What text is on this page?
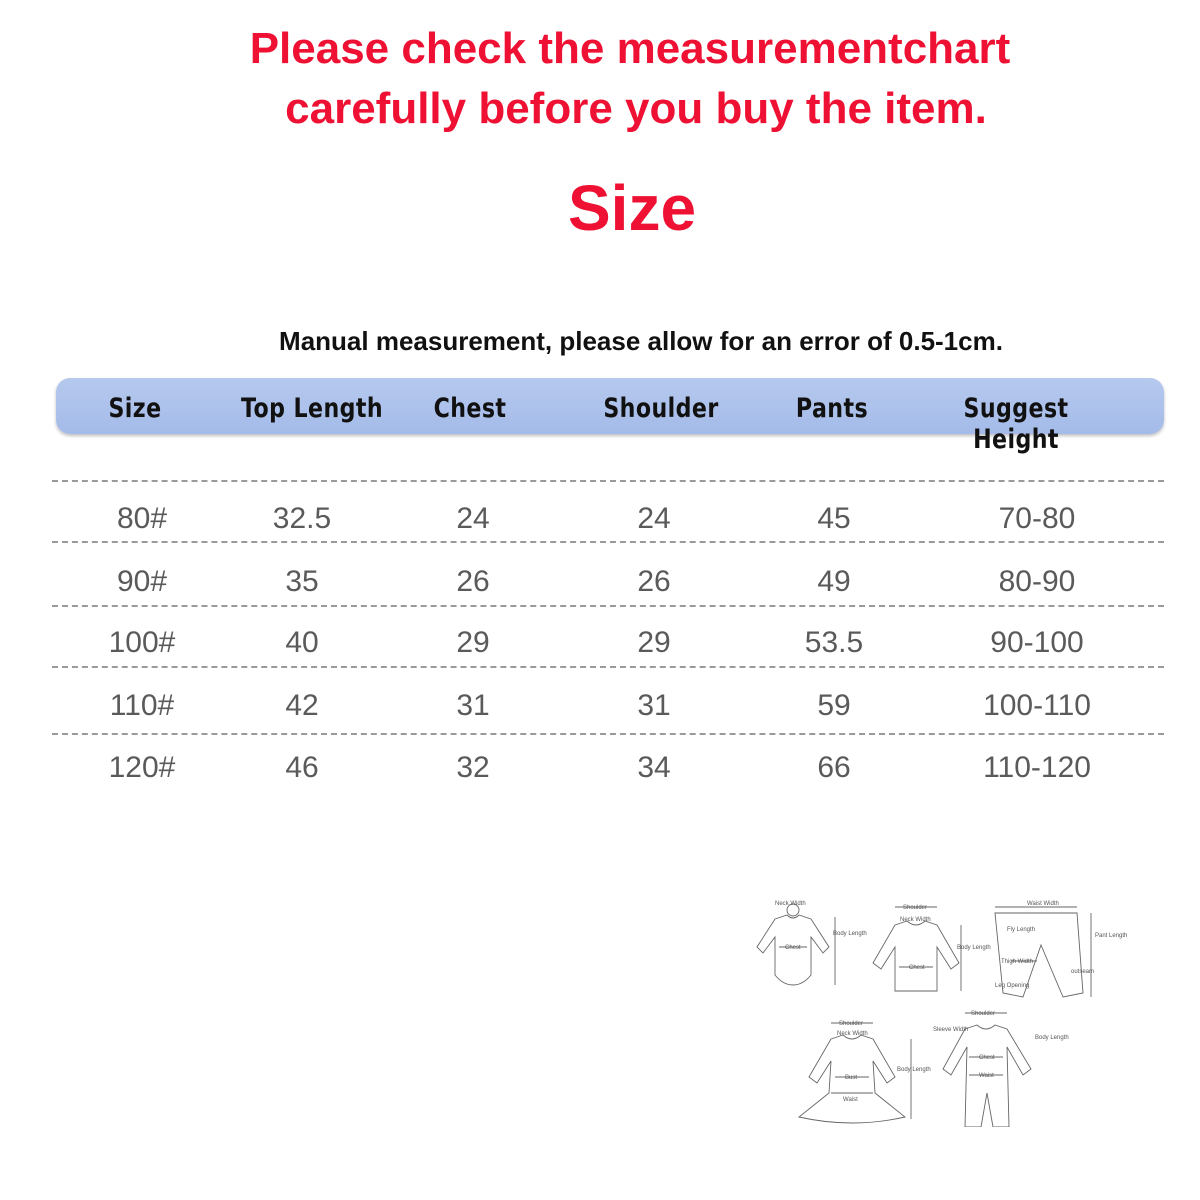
Please check the measurementchart
carefully before you buy the item.
Size
Manual measurement, please allow for an error of 0.5-1cm.
Size	Top Length	Chest	Shoulder	Pants	Suggest Height
80#	32.5	24	24	45	70-80
90#	35	26	26	49	80-90
100#	40	29	29	53.5	90-100
110#	42	31	31	59	100-110
120#	46	32	34	66	110-120
Neck Width
Chest
Body Length
Shoulder
Neck Width
Chest
Body Length
Waist Width
Fly Length
Pant Length
Thigh Width
outseam
Leg Opening
Shoulder
Neck Width
Bust
Waist
Body Length
Shoulder
Sleeve Width
Chest
Waist
Body Length
